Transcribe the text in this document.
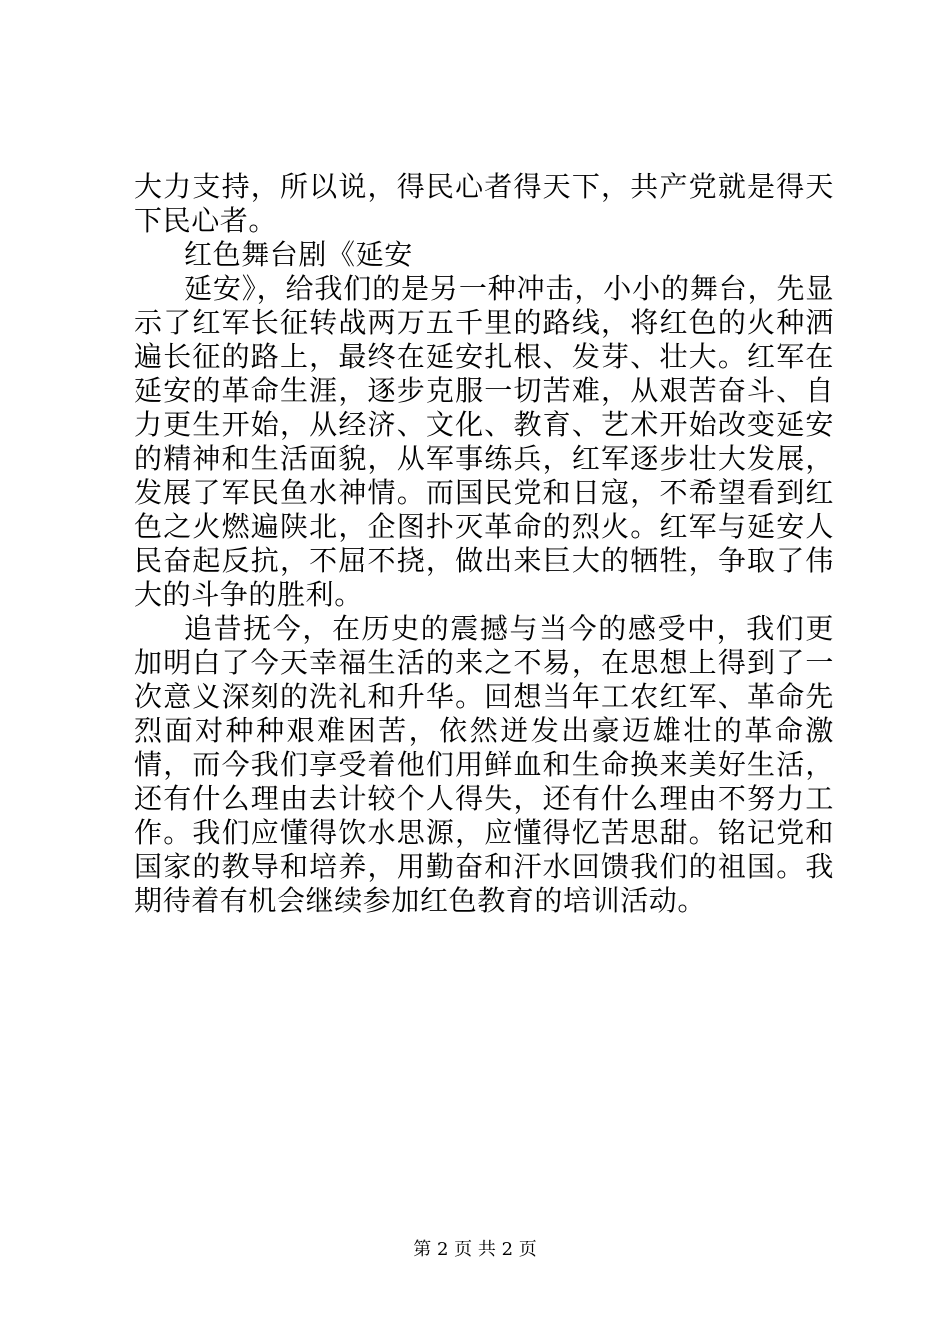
大力支持，所以说，得民心者得天下，共产党就是得天下民心者。

红色舞台剧《延安

延安》，给我们的是另一种冲击，小小的舞台，先显示了红军长征转战两万五千里的路线，将红色的火种洒遍长征的路上，最终在延安扎根、发芽、壮大。红军在延安的革命生涯，逐步克服一切苦难，从艰苦奋斗、自力更生开始，从经济、文化、教育、艺术开始改变延安的精神和生活面貌，从军事练兵，红军逐步壮大发展，发展了军民鱼水神情。而国民党和日寇，不希望看到红色之火燃遍陕北，企图扑灭革命的烈火。红军与延安人民奋起反抗，不屈不挠，做出来巨大的牺牲，争取了伟大的斗争的胜利。

追昔抚今，在历史的震撼与当今的感受中，我们更加明白了今天幸福生活的来之不易，在思想上得到了一次意义深刻的洗礼和升华。回想当年工农红军、革命先烈面对种种艰难困苦，依然迸发出豪迈雄壮的革命激情，而今我们享受着他们用鲜血和生命换来美好生活，还有什么理由去计较个人得失，还有什么理由不努力工作。我们应懂得饮水思源，应懂得忆苦思甜。铭记党和国家的教导和培养，用勤奋和汗水回馈我们的祖国。我期待着有机会继续参加红色教育的培训活动。

第 2 页 共 2 页
